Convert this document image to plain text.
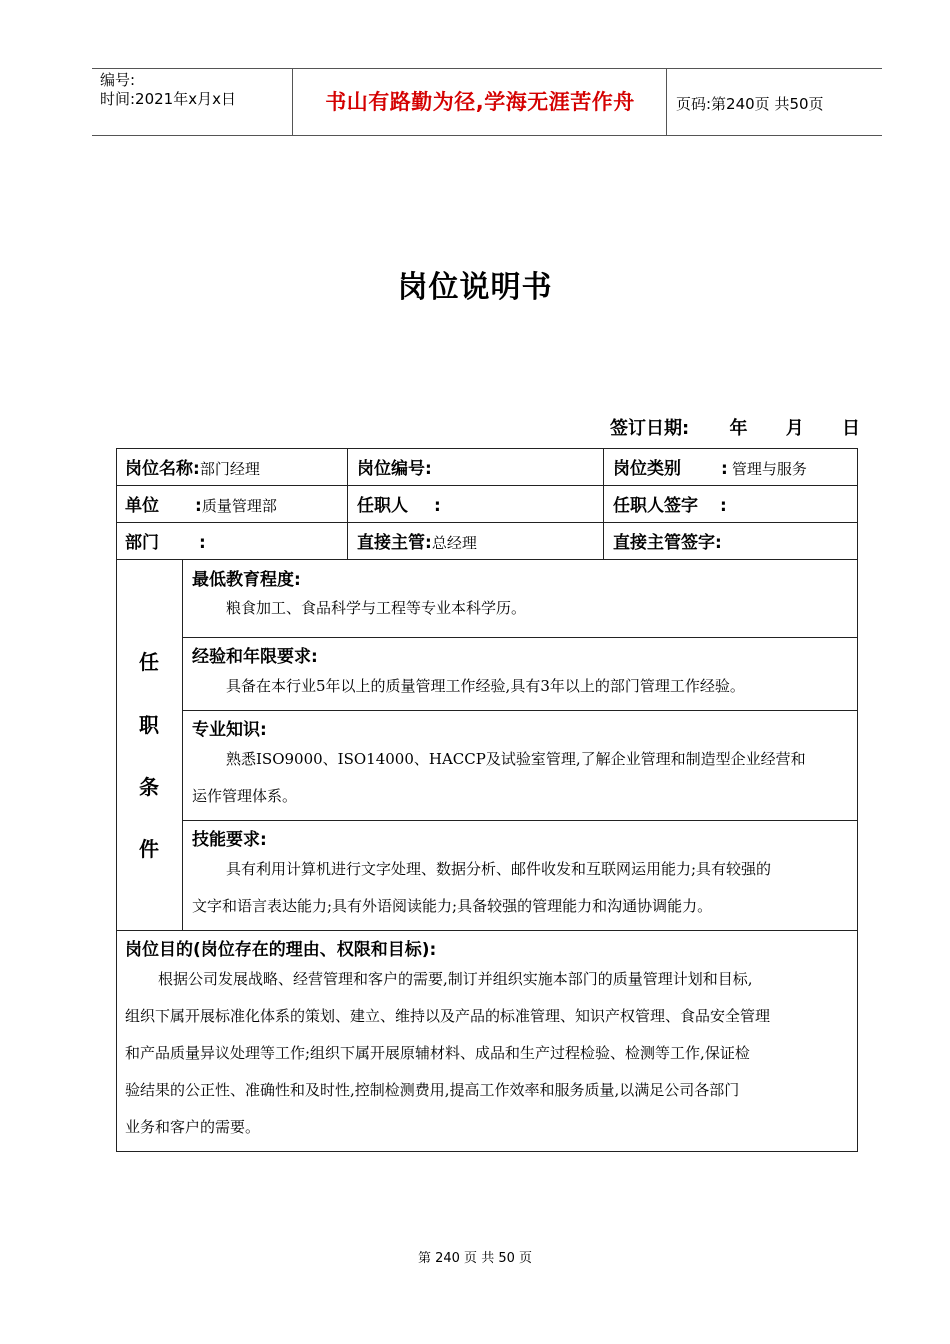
编号:
时间:2021年x月x日	书山有路勤为径,学海无涯苦作舟	页码:第240页 共50页
岗位说明书
签订日期: 年 月 日
岗位名称:部门经理	岗位编号:	岗位类别 : 管理与服务
单位 :质量管理部	任职人 :	任职人签字 :
部门 :	直接主管:总经理	直接主管签字:
任
职
条
件
最低教育程度:
粮食加工、食品科学与工程等专业本科学历。
经验和年限要求:
具备在本行业5年以上的质量管理工作经验,具有3年以上的部门管理工作经验。
专业知识:
熟悉ISO9000、ISO14000、HACCP及试验室管理,了解企业管理和制造型企业经营和
运作管理体系。
技能要求:
具有利用计算机进行文字处理、数据分析、邮件收发和互联网运用能力;具有较强的
文字和语言表达能力;具有外语阅读能力;具备较强的管理能力和沟通协调能力。
岗位目的(岗位存在的理由、权限和目标):
根据公司发展战略、经营管理和客户的需要,制订并组织实施本部门的质量管理计划和目标,
组织下属开展标准化体系的策划、建立、维持以及产品的标准管理、知识产权管理、食品安全管理
和产品质量异议处理等工作;组织下属开展原辅材料、成品和生产过程检验、检测等工作,保证检
验结果的公正性、准确性和及时性,控制检测费用,提高工作效率和服务质量,以满足公司各部门
业务和客户的需要。
第 240 页 共 50 页
